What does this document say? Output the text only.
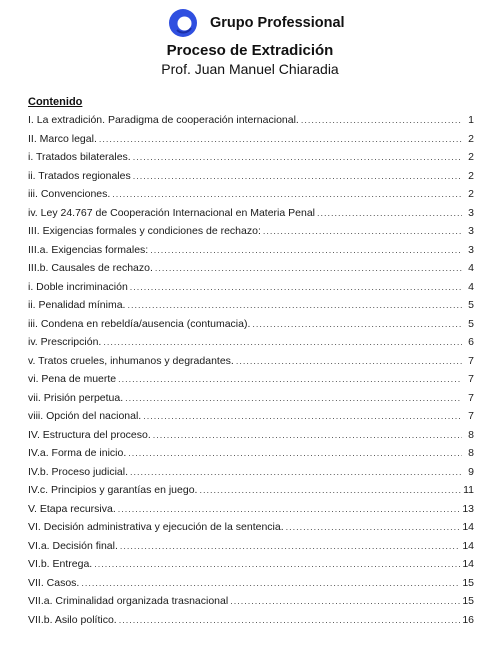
Grupo Professional
Proceso de Extradición
Prof. Juan Manuel Chiaradia
Contenido
I. La extradición. Paradigma de cooperación internacional. .....	1
II. Marco legal. .....	2
i. Tratados bilaterales. .....	2
ii. Tratados regionales .....	2
iii. Convenciones. .....	2
iv. Ley 24.767 de Cooperación Internacional en Materia Penal .....	3
III. Exigencias formales y condiciones de rechazo: .....	3
III.a. Exigencias formales: .....	3
III.b. Causales de rechazo. .....	4
i. Doble incriminación .....	4
ii. Penalidad mínima. .....	5
iii. Condena en rebeldía/ausencia (contumacia). .....	5
iv. Prescripción. .....	6
v. Tratos crueles, inhumanos y degradantes. .....	7
vi. Pena de muerte .....	7
vii. Prisión perpetua. .....	7
viii. Opción del nacional. .....	7
IV. Estructura del proceso. .....	8
IV.a. Forma de inicio. .....	8
IV.b. Proceso judicial. .....	9
IV.c. Principios y garantías en juego. .....	11
V. Etapa recursiva. .....	13
VI. Decisión administrativa y ejecución de la sentencia. .....	14
VI.a. Decisión final. .....	14
VI.b. Entrega. .....	14
VII. Casos. .....	15
VII.a. Criminalidad organizada trasnacional .....	15
VII.b. Asilo político. .....	16
